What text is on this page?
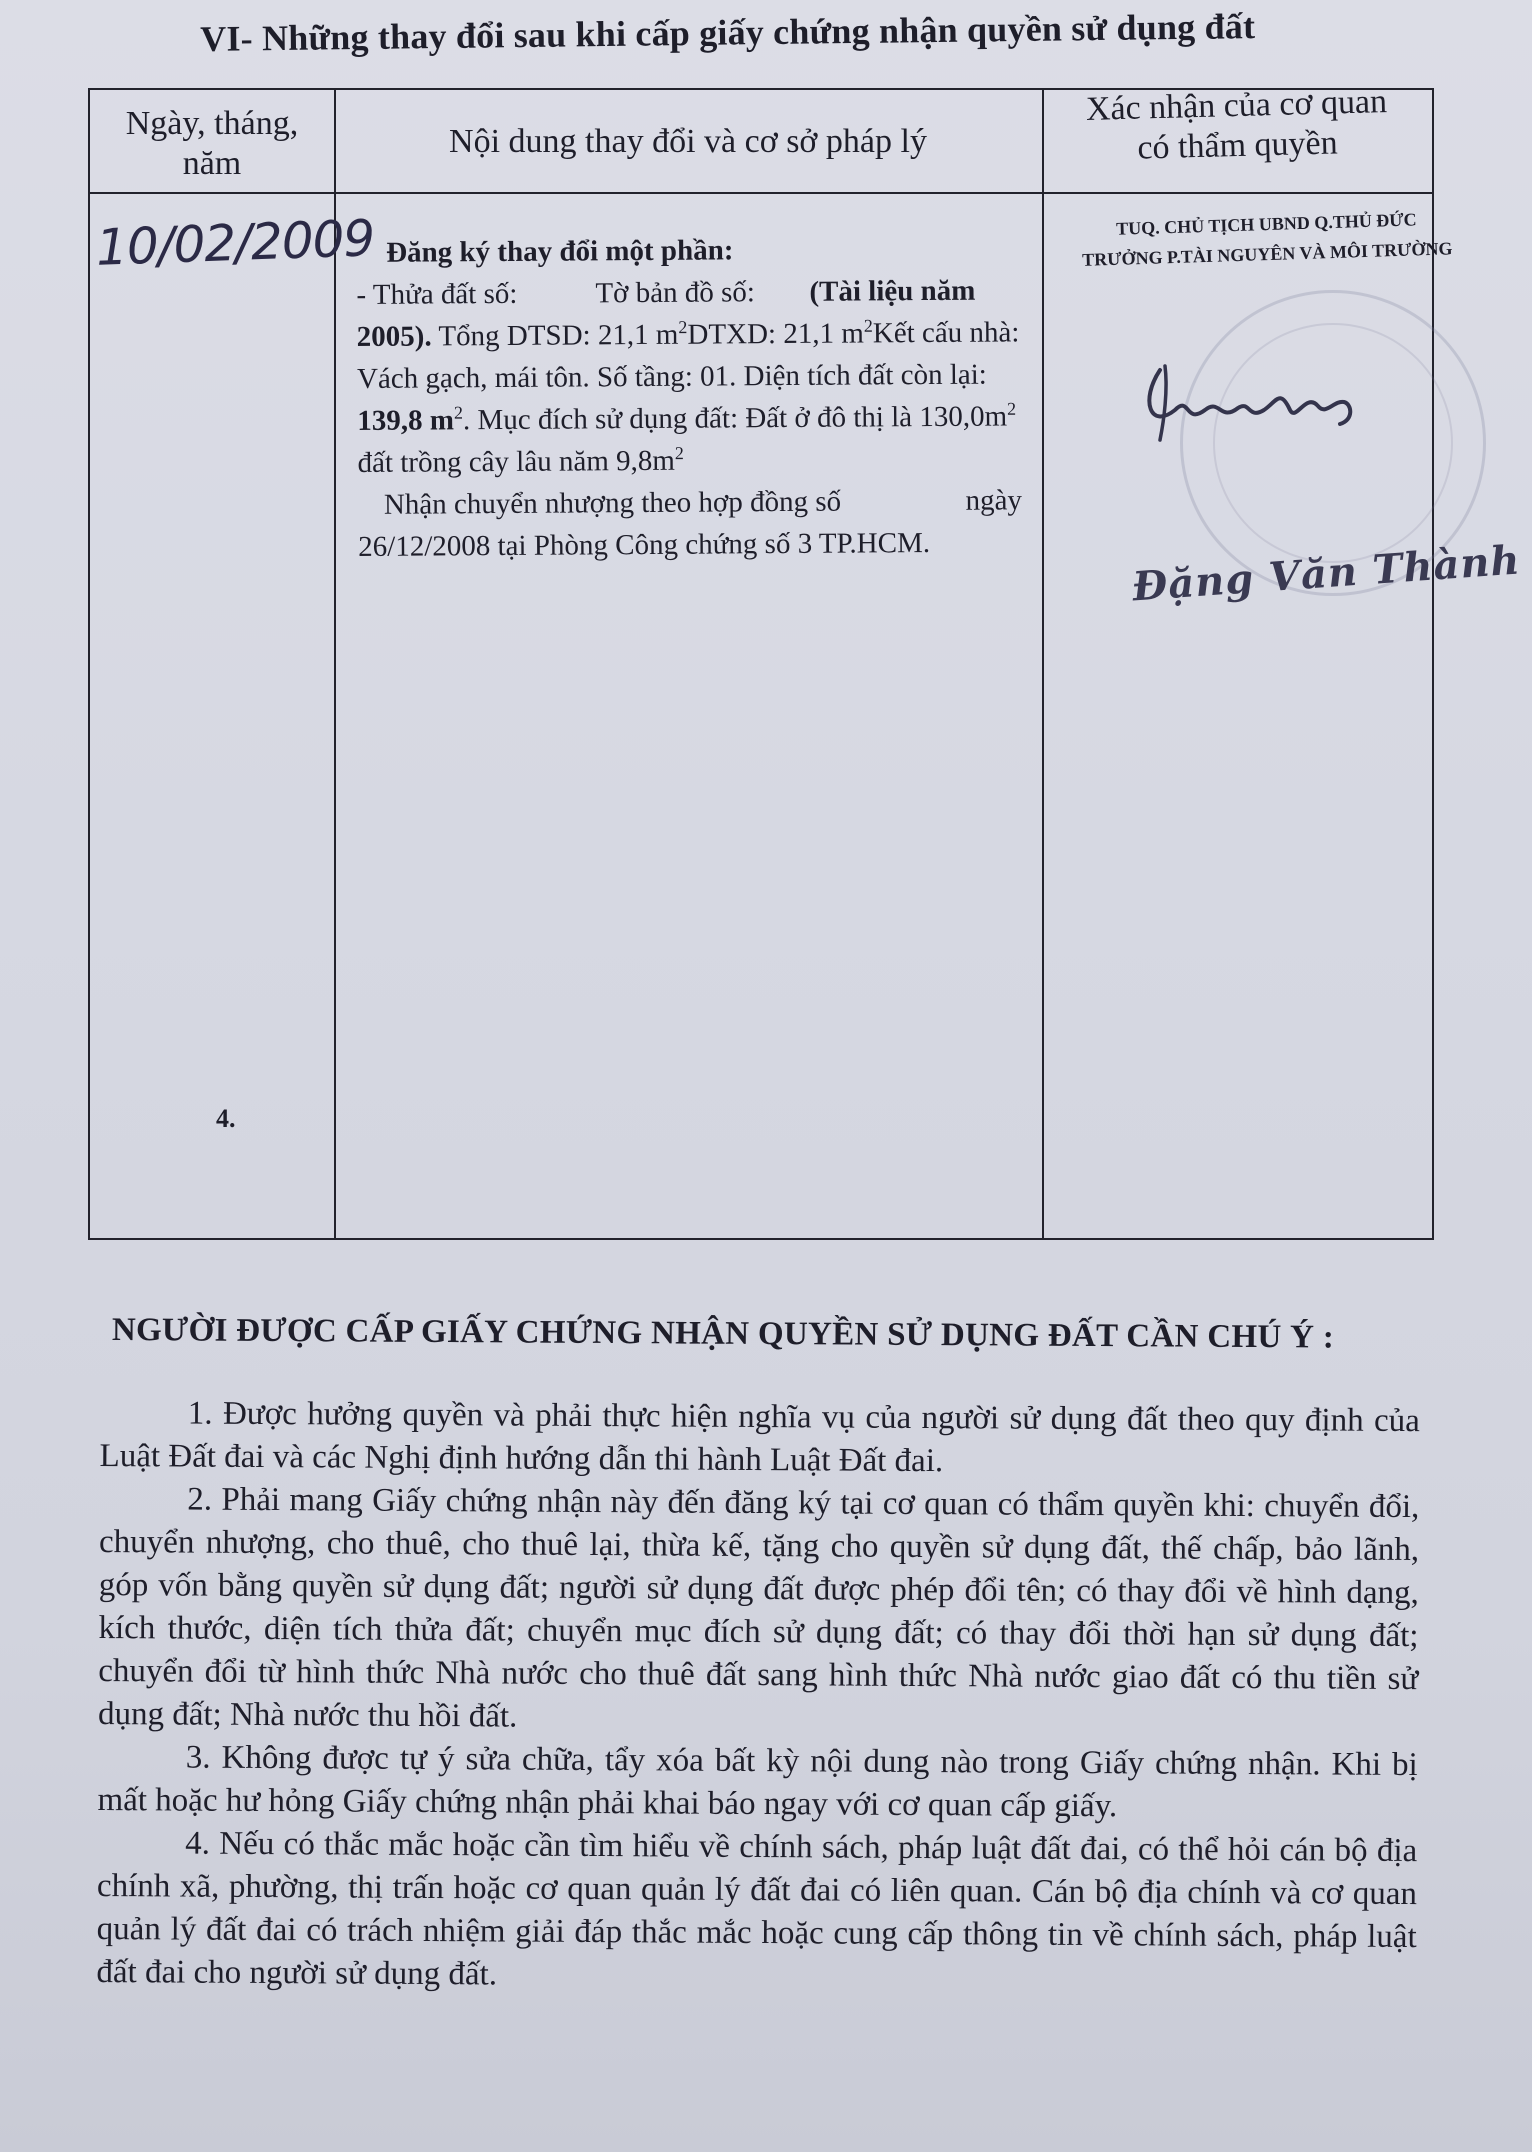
VI- Những thay đổi sau khi cấp giấy chứng nhận quyền sử dụng đất
Ngày, tháng,
năm
Nội dung thay đổi và cơ sở pháp lý
Xác nhận của cơ quan
có thẩm quyền
10/02/2009 Đăng ký thay đổi một phần:
- Thửa đất số:	Tờ bản đồ số: (Tài liệu năm
2005). Tổng DTSD: 21,1 $m^2DTXD$: 21,1 $m^2Kết$ cấu nhà:
Vách gạch, mái tôn. Số tầng: 01. Diện tích đất còn lại:
139,8 $m^2$. Mục đích sử dụng đất: Đất ở đô thị là $130,0m^2$
đất trồng cây lâu năm $9,8m^2$
Nhận chuyển nhượng theo hợp đồng số	ngày
26/12/2008 tại Phòng Công chứng số 3 TP.HCM.
TUQ. CHỦ TỊCH UBND Q.THỦ ĐỨC
TRƯỞNG P.TÀI NGUYÊN VÀ MÔI TRƯỜNG
Đặng Văn Thành
4.
NGƯỜI ĐƯỢC CẤP GIẤY CHỨNG NHẬN QUYỀN SỬ DỤNG ĐẤT CẦN CHÚ Ý :

1. Được hưởng quyền và phải thực hiện nghĩa vụ của người sử dụng đất theo quy định của Luật Đất đai và các Nghị định hướng dẫn thi hành Luật Đất đai.

2. Phải mang Giấy chứng nhận này đến đăng ký tại cơ quan có thẩm quyền khi: chuyển đổi, chuyển nhượng, cho thuê, cho thuê lại, thừa kế, tặng cho quyền sử dụng đất, thế chấp, bảo lãnh, góp vốn bằng quyền sử dụng đất; người sử dụng đất được phép đổi tên; có thay đổi về hình dạng, kích thước, diện tích thửa đất; chuyển mục đích sử dụng đất; có thay đổi thời hạn sử dụng đất; chuyển đổi từ hình thức Nhà nước cho thuê đất sang hình thức Nhà nước giao đất có thu tiền sử dụng đất; Nhà nước thu hồi đất.

3. Không được tự ý sửa chữa, tẩy xóa bất kỳ nội dung nào trong Giấy chứng nhận. Khi bị mất hoặc hư hỏng Giấy chứng nhận phải khai báo ngay với cơ quan cấp giấy.

4. Nếu có thắc mắc hoặc cần tìm hiểu về chính sách, pháp luật đất đai, có thể hỏi cán bộ địa chính xã, phường, thị trấn hoặc cơ quan quản lý đất đai có liên quan. Cán bộ địa chính và cơ quan quản lý đất đai có trách nhiệm giải đáp thắc mắc hoặc cung cấp thông tin về chính sách, pháp luật đất đai cho người sử dụng đất.
